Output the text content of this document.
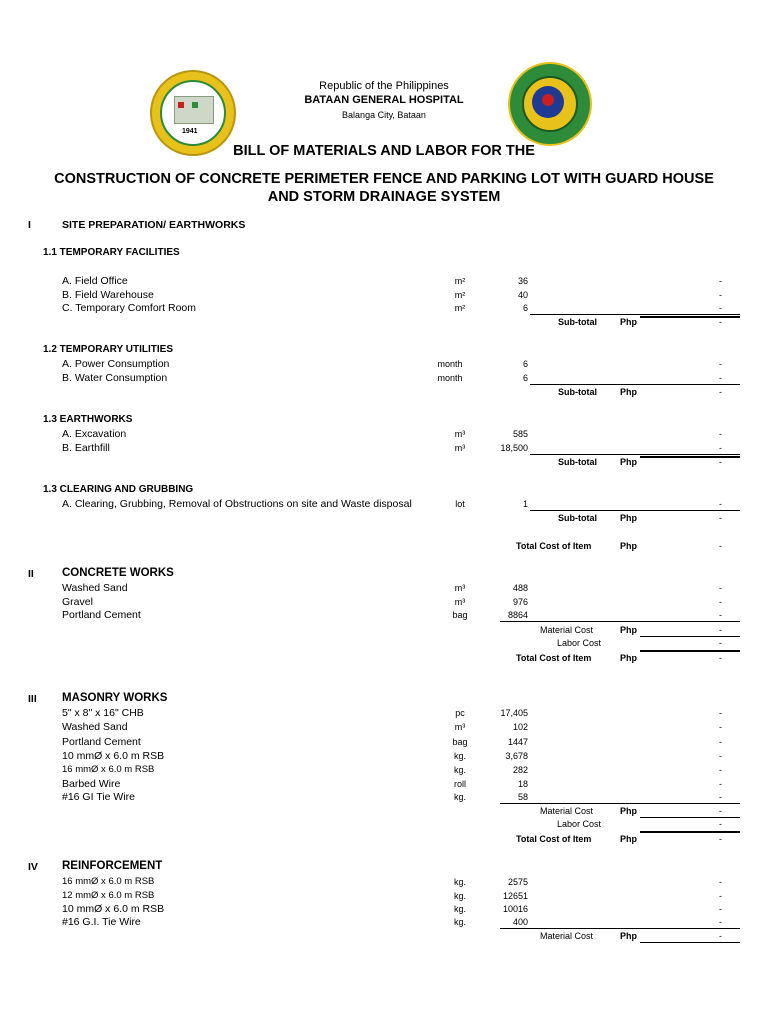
1941
Republic of the Philippines
BATAAN GENERAL HOSPITAL
Balanga City, Bataan
BILL OF MATERIALS AND LABOR FOR THE
CONSTRUCTION OF CONCRETE PERIMETER FENCE AND PARKING LOT WITH GUARD HOUSE
AND STORM DRAINAGE SYSTEM
I	SITE PREPARATION/ EARTHWORKS
1.1 TEMPORARY FACILITIES
A. Field Office	m²	36	-
B. Field Warehouse	m²	40	-
C. Temporary Comfort Room	m²	6	-
Sub-total	Php	-
1.2 TEMPORARY UTILITIES
A. Power Consumption	month	6	-
B. Water Consumption	month	6	-
Sub-total	Php	-
1.3 EARTHWORKS
A. Excavation	m³	585	-
B. Earthfill	m³	18,500	-
Sub-total	Php	-
1.3 CLEARING AND GRUBBING
A. Clearing, Grubbing, Removal of Obstructions on site and Waste disposal	lot	1	-
Sub-total	Php	-
Total Cost of Item	Php	-
II CONCRETE WORKS
Washed Sand	m³	488	-
Gravel	m³	976	-
Portland Cement	bag	8864	-
Material Cost	Php	-
Labor Cost	-
Total Cost of Item	Php	-
III MASONRY WORKS
5" x 8" x 16" CHB	pc	17,405	-
Washed Sand	m³	102	-
Portland Cement	bag	1447	-
10 mmØ x 6.0 m RSB	kg.	3,678	-
16 mmØ x 6.0 m RSB	kg.	282	-
Barbed Wire	roll	18	-
#16 GI Tie Wire	kg.	58	-
Material Cost	Php	-
Labor Cost	-
Total Cost of Item	Php	-
IV REINFORCEMENT
16 mmØ x 6.0 m RSB	kg.	2575	-
12 mmØ x 6.0 m RSB	kg.	12651	-
10 mmØ x 6.0 m RSB	kg.	10016	-
#16 G.I. Tie Wire	kg.	400	-
Material Cost	Php	-
